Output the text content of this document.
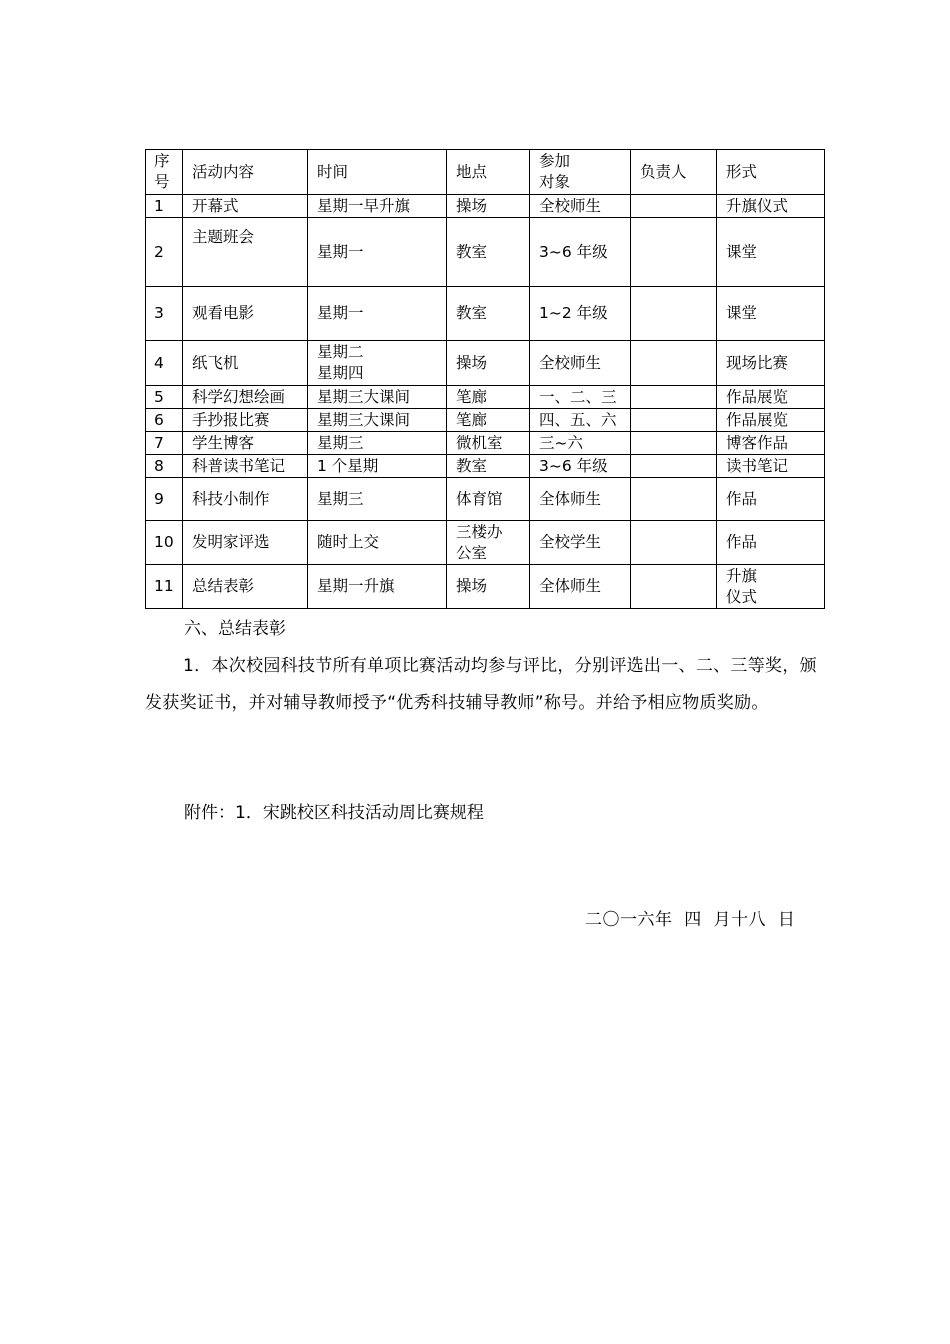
序
号	活动内容	时间	地点	参加
对象	负责人	形式

1	开幕式	星期一早升旗	操场	全校师生		升旗仪式

2	主题班会	星期一	教室	3~6 年级		课堂

3	观看电影	星期一	教室	1~2 年级		课堂

4	纸飞机	星期二
星期四	操场	全校师生		现场比赛

5	科学幻想绘画	星期三大课间	笔廊	一、二、三		作品展览

6	手抄报比赛	星期三大课间	笔廊	四、五、六		作品展览

7	学生博客	星期三	微机室	三~六		博客作品

8	科普读书笔记	1 个星期	教室	3~6 年级		读书笔记

9	科技小制作	星期三	体育馆	全体师生		作品

10	发明家评选	随时上交	三楼办
公室	全校学生		作品

11	总结表彰	星期一升旗	操场	全体师生		升旗
仪式
六、总结表彰
1．本次校园科技节所有单项比赛活动均参与评比，分别评选出一、二、三等奖，颁发获奖证书，并对辅导教师授予“优秀科技辅导教师”称号。并给予相应物质奖励。
附件：1．宋跳校区科技活动周比赛规程
二〇一六年  四  月十八  日
